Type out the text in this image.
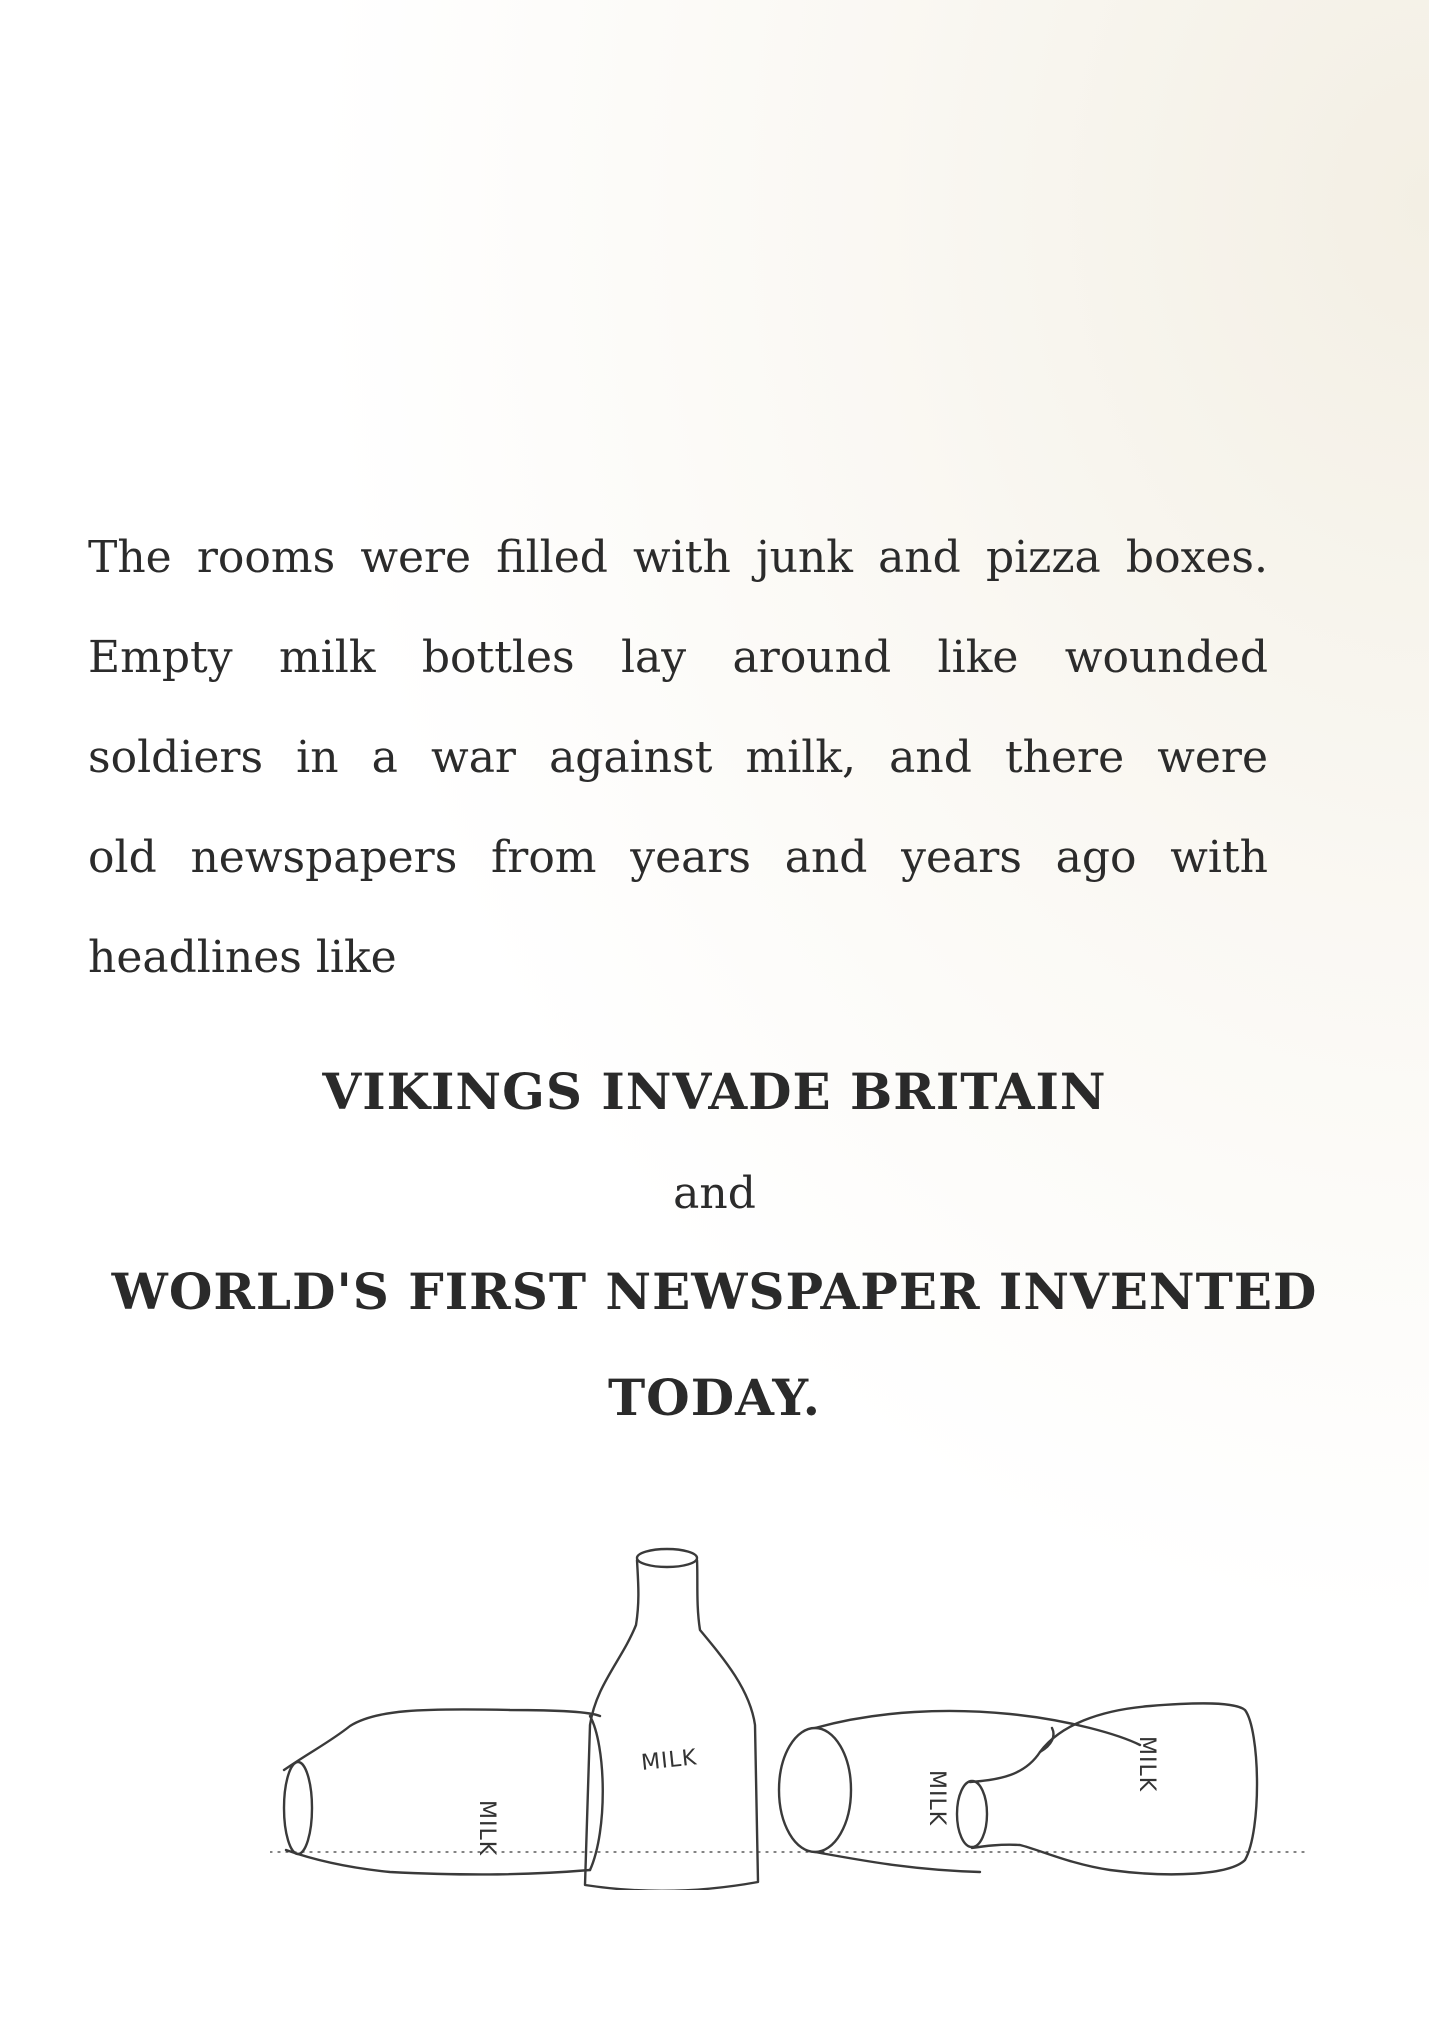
The rooms were filled with junk and pizza boxes.
Empty milk bottles lay around like wounded
soldiers in a war against milk, and there were
old newspapers from years and years ago with
headlines like

VIKINGS INVADE BRITAIN

and

WORLD'S FIRST NEWSPAPER INVENTED

TODAY.

MILK
MILK
MILK
MILK
